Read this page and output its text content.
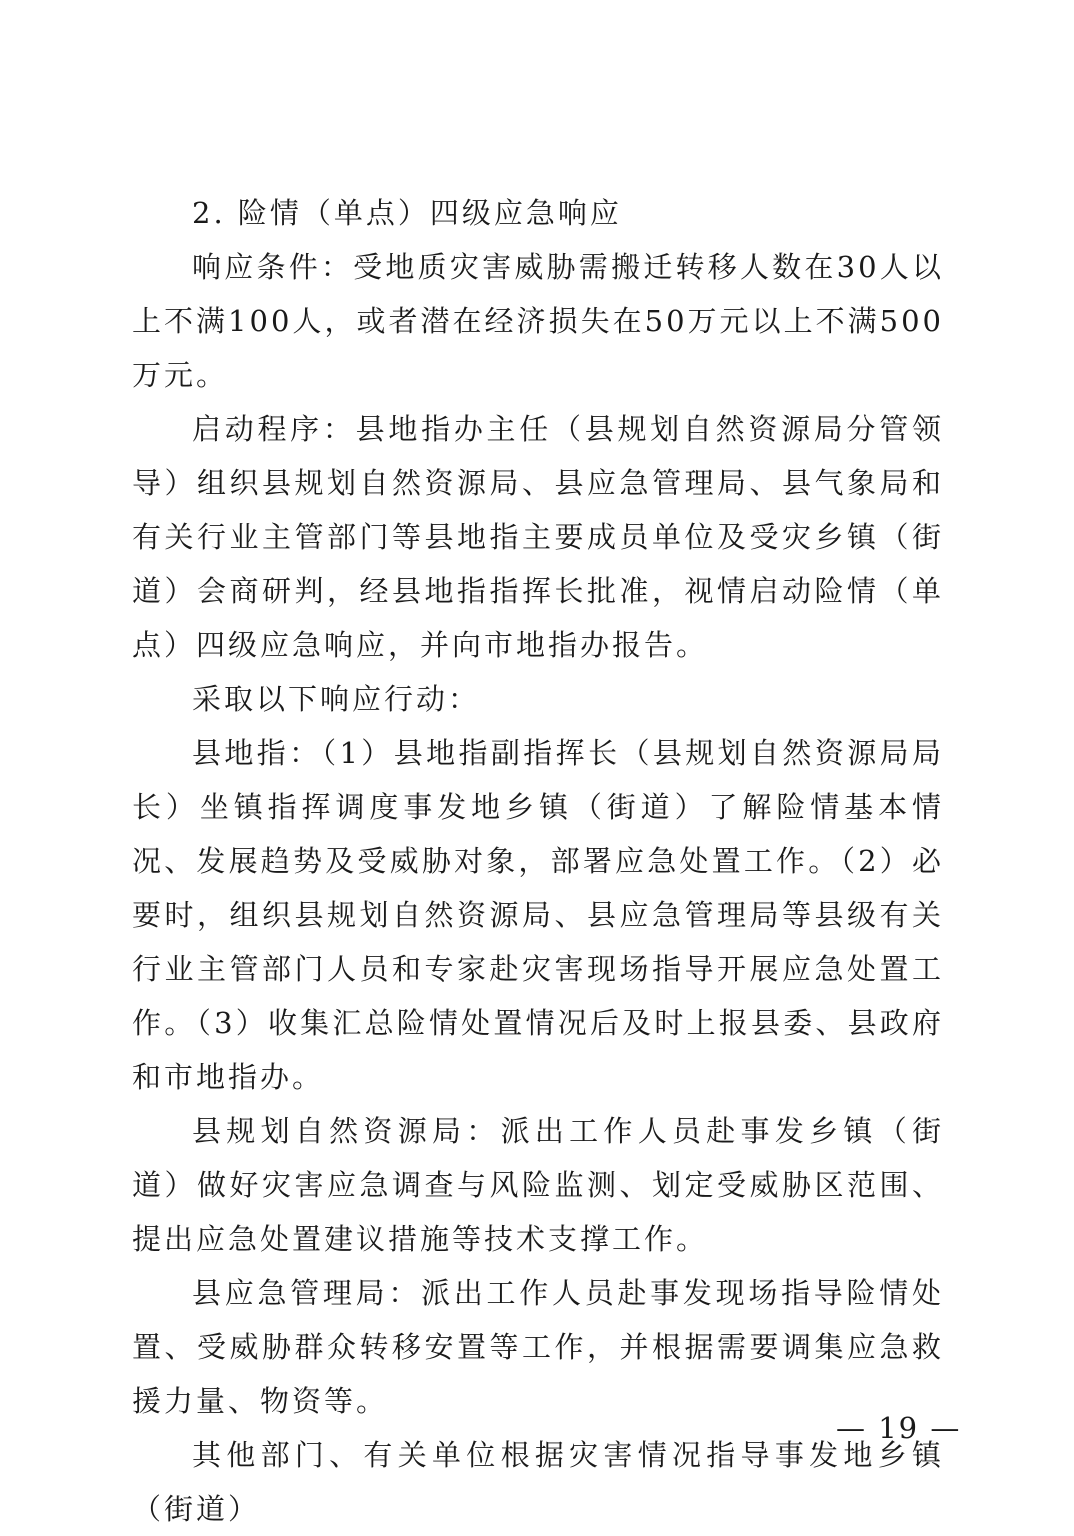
2. 险情（单点）四级应急响应

响应条件：受地质灾害威胁需搬迁转移人数在30人以上不满100人，或者潜在经济损失在50万元以上不满500万元。

启动程序：县地指办主任（县规划自然资源局分管领导）组织县规划自然资源局、县应急管理局、县气象局和有关行业主管部门等县地指主要成员单位及受灾乡镇（街道）会商研判，经县地指指挥长批准，视情启动险情（单点）四级应急响应，并向市地指办报告。

采取以下响应行动：

县地指：（1）县地指副指挥长（县规划自然资源局局长）坐镇指挥调度事发地乡镇（街道）了解险情基本情况、发展趋势及受威胁对象，部署应急处置工作。（2）必要时，组织县规划自然资源局、县应急管理局等县级有关行业主管部门人员和专家赴灾害现场指导开展应急处置工作。（3）收集汇总险情处置情况后及时上报县委、县政府和市地指办。

县规划自然资源局：派出工作人员赴事发乡镇（街道）做好灾害应急调查与风险监测、划定受威胁区范围、提出应急处置建议措施等技术支撑工作。

县应急管理局：派出工作人员赴事发现场指导险情处置、受威胁群众转移安置等工作，并根据需要调集应急救援力量、物资等。

其他部门、有关单位根据灾害情况指导事发地乡镇（街道）

— 19 —
